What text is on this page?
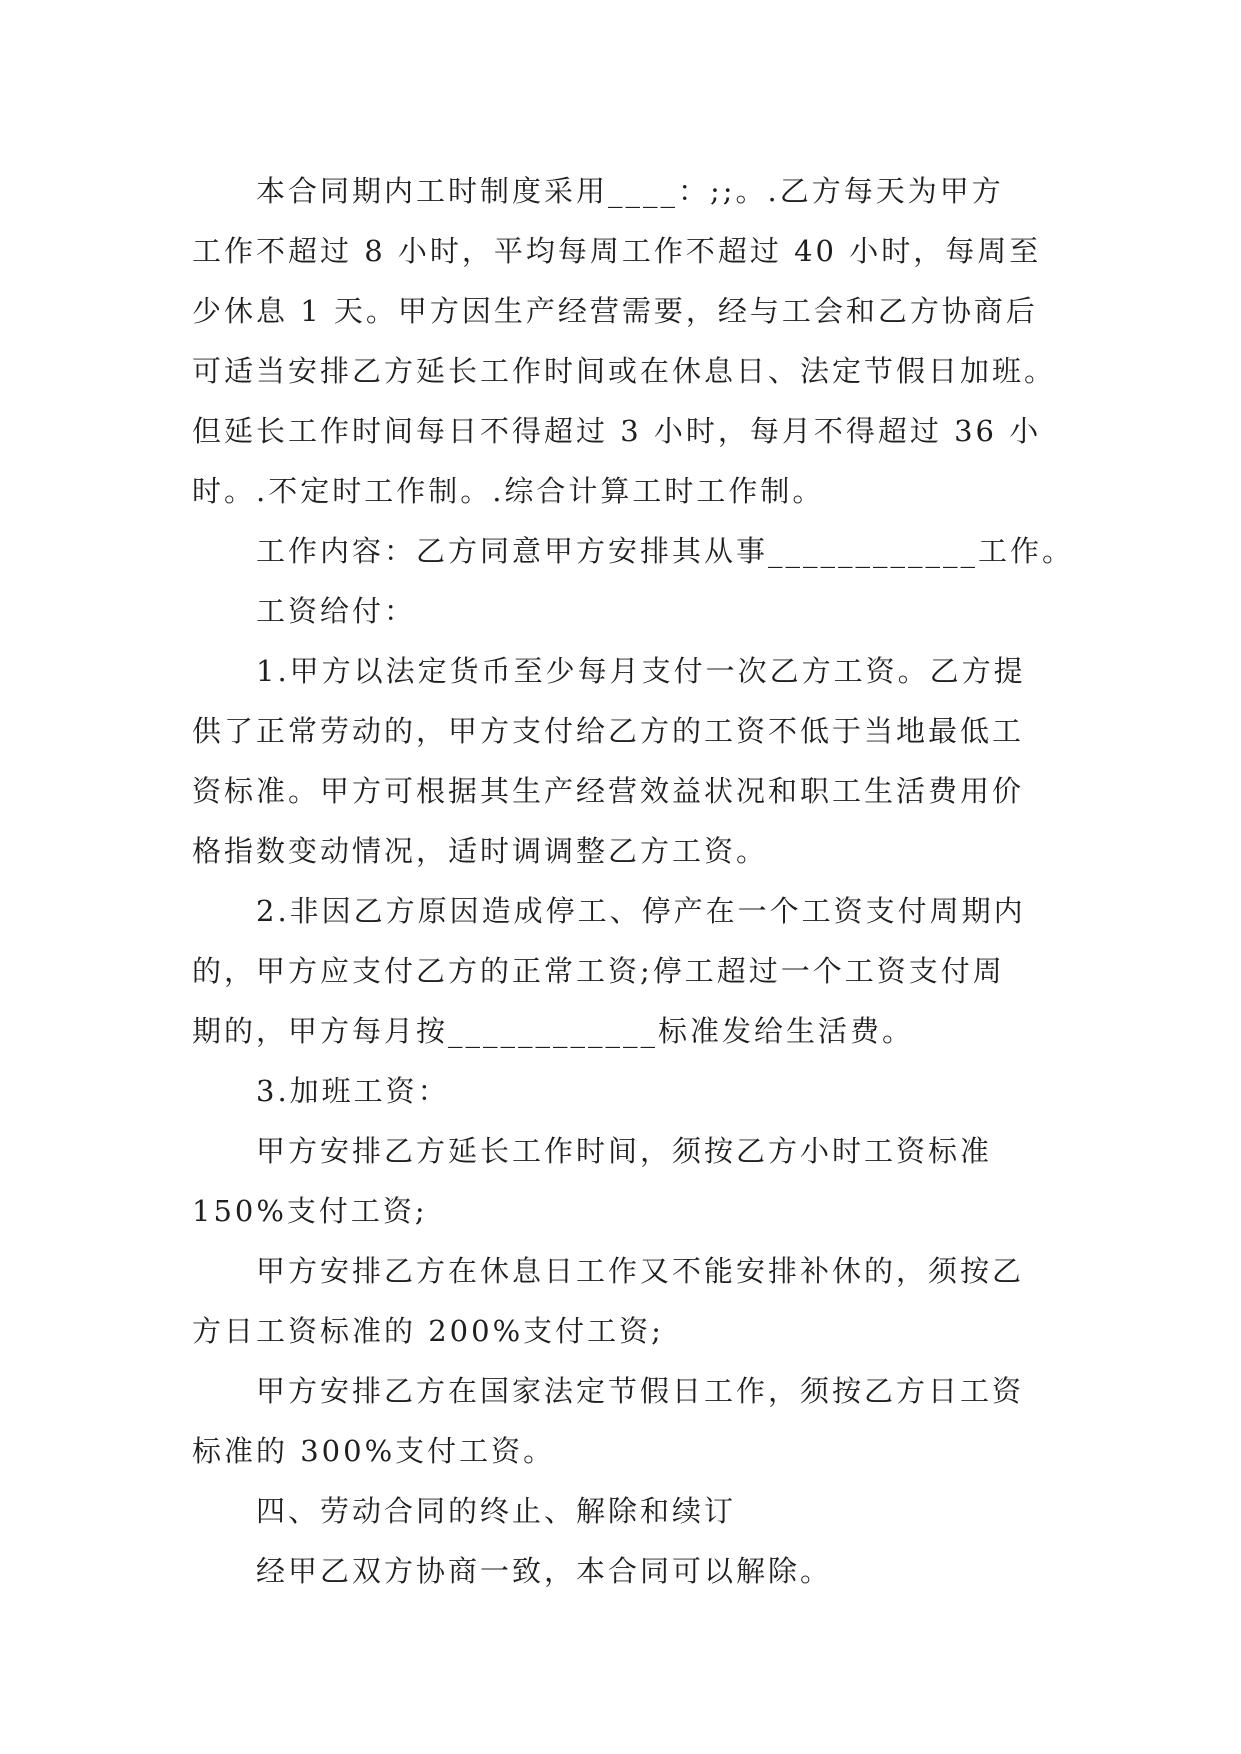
本合同期内工时制度采用____：;;。.乙方每天为甲方
工作不超过 8 小时，平均每周工作不超过 40 小时，每周至
少休息 1 天。甲方因生产经营需要，经与工会和乙方协商后
可适当安排乙方延长工作时间或在休息日、法定节假日加班。
但延长工作时间每日不得超过 3 小时，每月不得超过 36 小
时。.不定时工作制。.综合计算工时工作制。
工作内容：乙方同意甲方安排其从事____________工作。
工资给付：
1.甲方以法定货币至少每月支付一次乙方工资。乙方提
供了正常劳动的，甲方支付给乙方的工资不低于当地最低工
资标准。甲方可根据其生产经营效益状况和职工生活费用价
格指数变动情况，适时调调整乙方工资。
2.非因乙方原因造成停工、停产在一个工资支付周期内
的，甲方应支付乙方的正常工资;停工超过一个工资支付周
期的，甲方每月按____________标准发给生活费。
3.加班工资：
甲方安排乙方延长工作时间，须按乙方小时工资标准
150%支付工资;
甲方安排乙方在休息日工作又不能安排补休的，须按乙
方日工资标准的 200%支付工资;
甲方安排乙方在国家法定节假日工作，须按乙方日工资
标准的 300%支付工资。
四、劳动合同的终止、解除和续订
经甲乙双方协商一致，本合同可以解除。
